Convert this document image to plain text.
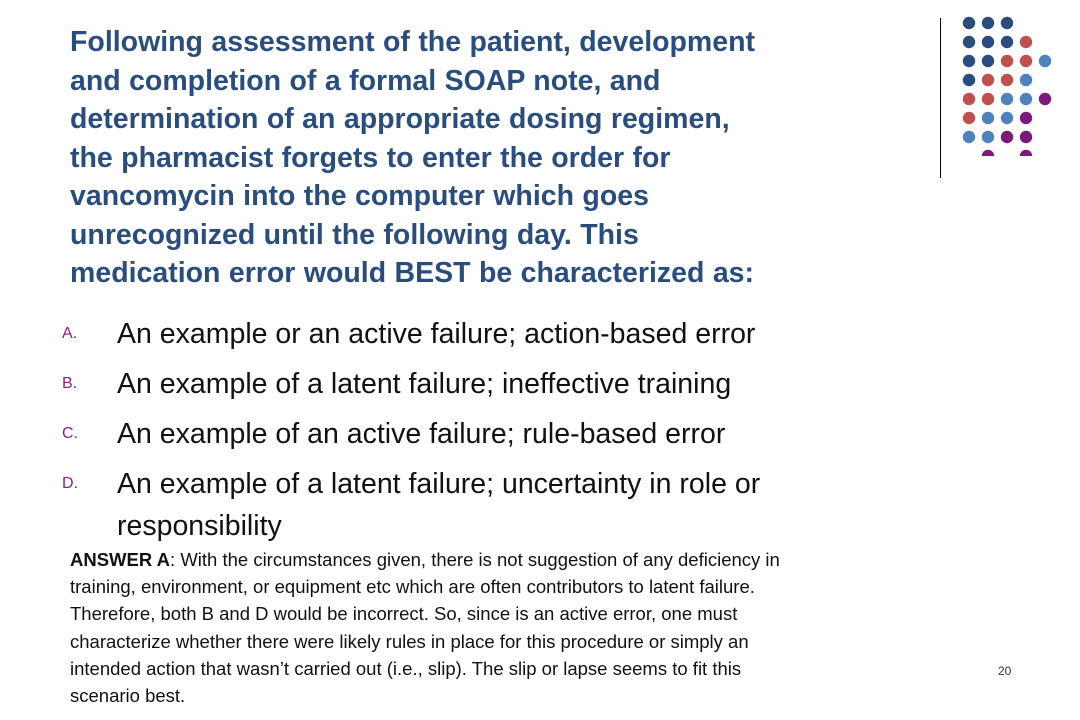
Following assessment of the patient, development
and completion of a formal SOAP note, and
determination of an appropriate dosing regimen,
the pharmacist forgets to enter the order for
vancomycin into the computer which goes
unrecognized until the following day. This
medication error would BEST be characterized as:
A. An example or an active failure; action-based error
B. An example of a latent failure; ineffective training
C. An example of an active failure; rule-based error
D. An example of a latent failure; uncertainty in role or
responsibility

ANSWER A: With the circumstances given, there is not suggestion of any deficiency in
training, environment, or equipment etc which are often contributors to latent failure.
Therefore, both B and D would be incorrect. So, since is an active error, one must
characterize whether there were likely rules in place for this procedure or simply an
intended action that wasn’t carried out (i.e., slip). The slip or lapse seems to fit this
scenario best.

20
